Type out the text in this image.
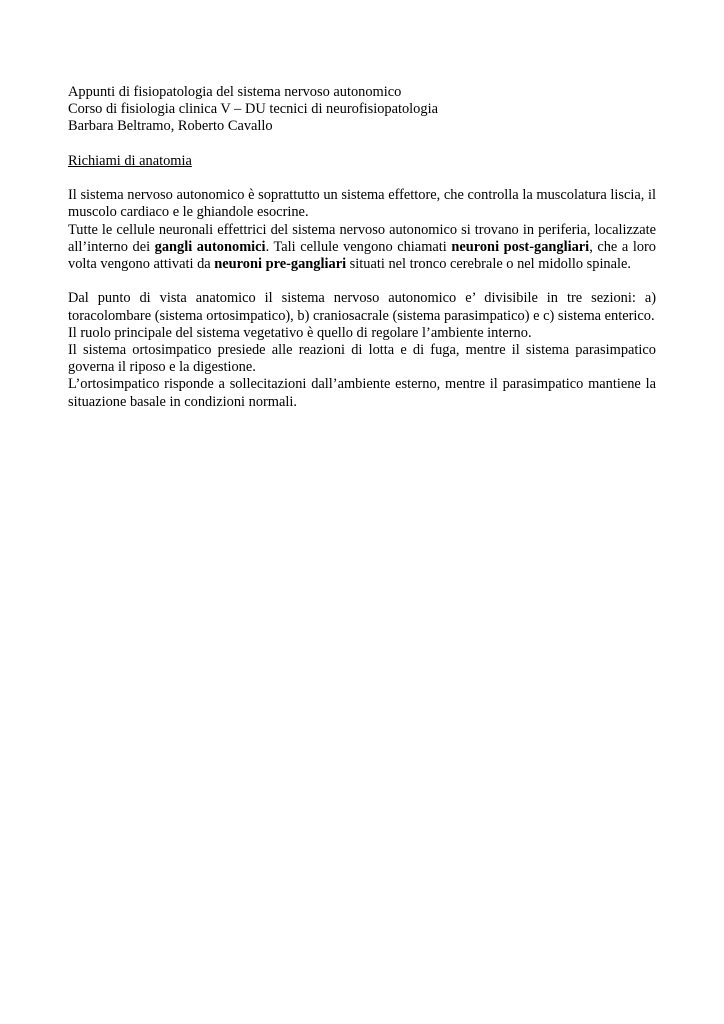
Appunti di fisiopatologia del sistema nervoso autonomico
Corso di fisiologia clinica V – DU tecnici di neurofisiopatologia
Barbara Beltramo, Roberto Cavallo
Richiami di anatomia

Il sistema nervoso autonomico è soprattutto un sistema effettore, che controlla la muscolatura liscia, il muscolo cardiaco e le ghiandole esocrine.

Tutte le cellule neuronali effettrici del sistema nervoso autonomico si trovano in periferia, localizzate all’interno dei gangli autonomici. Tali cellule vengono chiamati neuroni post-gangliari, che a loro volta vengono attivati da neuroni pre-gangliari situati nel tronco cerebrale o nel midollo spinale.

Dal punto di vista anatomico il sistema nervoso autonomico e’ divisibile in tre sezioni: a) toracolombare (sistema ortosimpatico), b) craniosacrale (sistema parasimpatico) e c) sistema enterico.

Il ruolo principale del sistema vegetativo è quello di regolare l’ambiente interno.

Il sistema ortosimpatico presiede alle reazioni di lotta e di fuga, mentre il sistema parasimpatico governa il riposo e la digestione.

L’ortosimpatico risponde a sollecitazioni dall’ambiente esterno, mentre il parasimpatico mantiene la situazione basale in condizioni normali.
